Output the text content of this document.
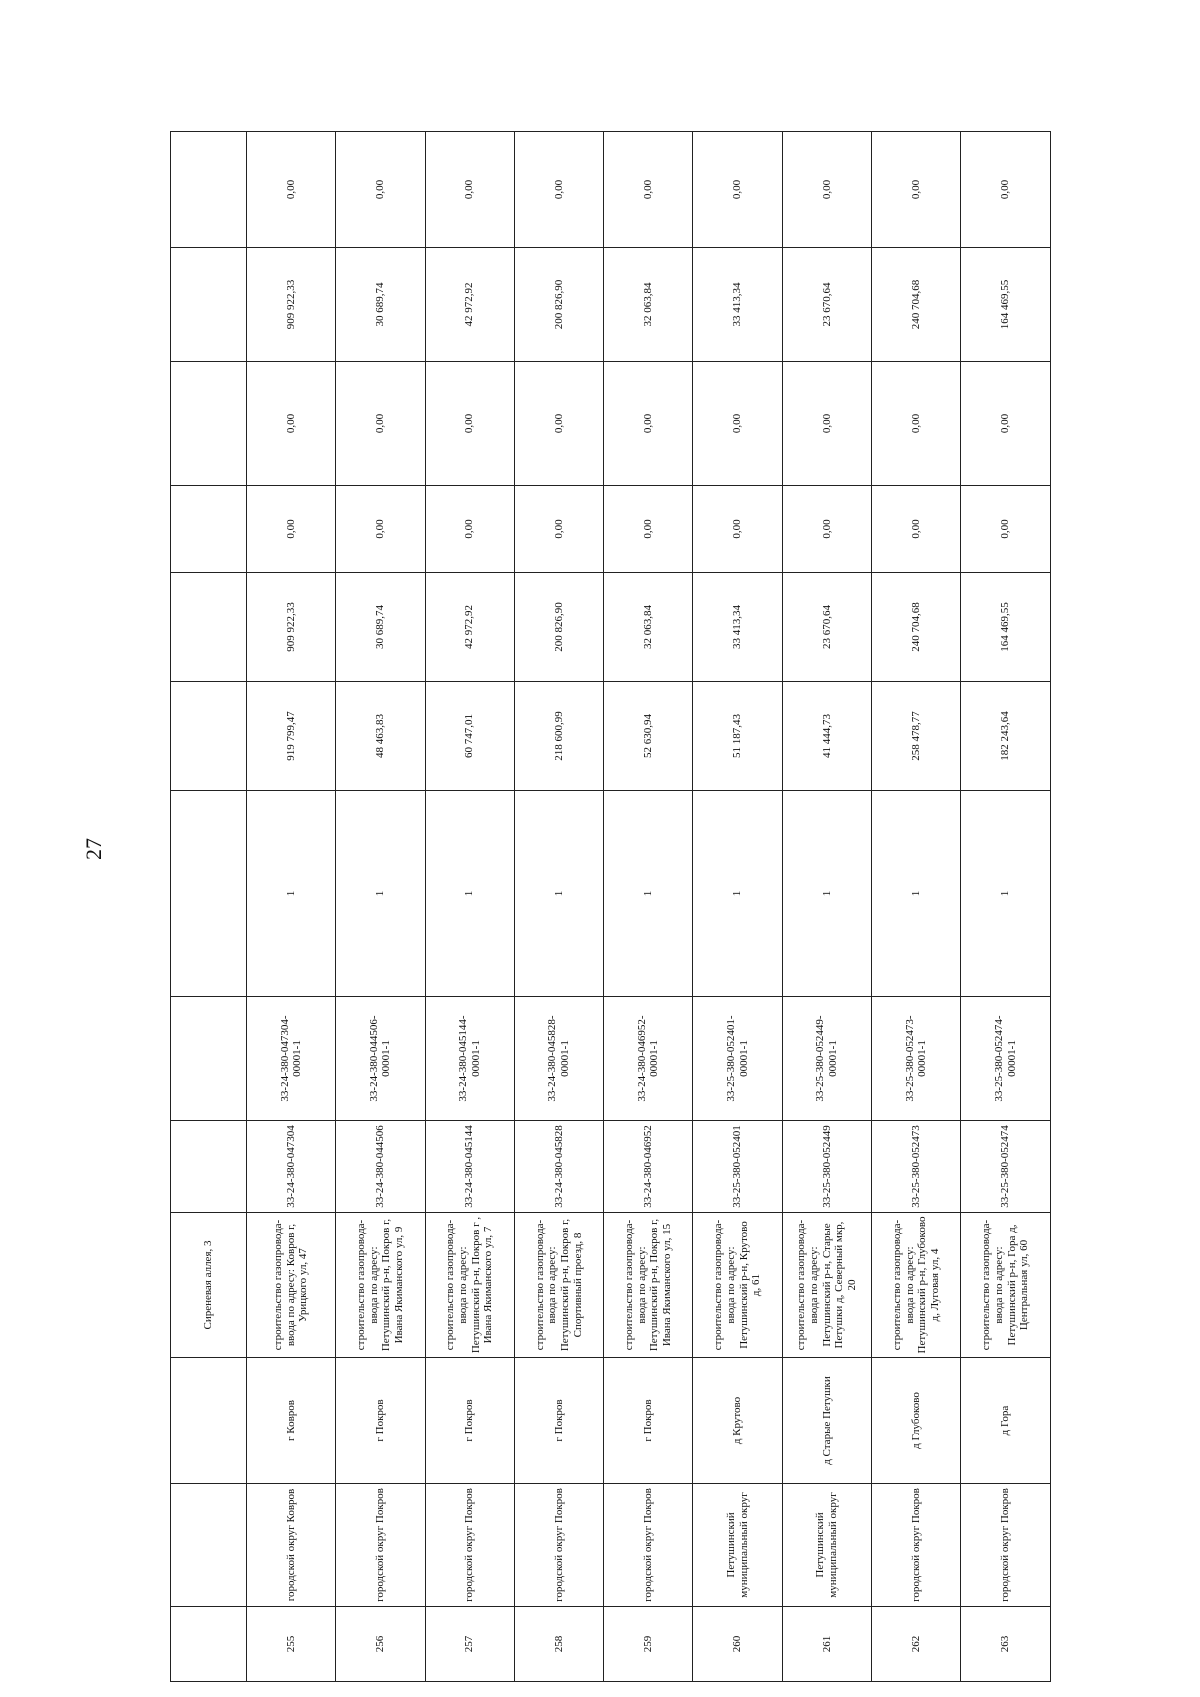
27
			Сиреневая аллея, 3									
255	городской округ Ковров	г Ковров	строительство газопровода-ввода по адресу: Ковров г, Урицкого ул, 47	33-24-380-047304	33-24-380-047304-00001-1	1	919 799,47	909 922,33	0,00	0,00	909 922,33	0,00
256	городской округ Покров	г Покров	строительство газопровода-ввода по адресу: Петушинский р-н, Покров г, Ивана Якиманского ул, 9	33-24-380-044506	33-24-380-044506-00001-1	1	48 463,83	30 689,74	0,00	0,00	30 689,74	0,00
257	городской округ Покров	г Покров	строительство газопровода-ввода по адресу: Петушинский р-н, Покров г , Ивана Якиманского ул, 7	33-24-380-045144	33-24-380-045144-00001-1	1	60 747,01	42 972,92	0,00	0,00	42 972,92	0,00
258	городской округ Покров	г Покров	строительство газопровода-ввода по адресу: Петушинский р-н, Покров г, Спортивный проезд, 8	33-24-380-045828	33-24-380-045828-00001-1	1	218 600,99	200 826,90	0,00	0,00	200 826,90	0,00
259	городской округ Покров	г Покров	строительство газопровода-ввода по адресу: Петушинский р-н, Покров г, Ивана Якиманского ул, 15	33-24-380-046952	33-24-380-046952-00001-1	1	52 630,94	32 063,84	0,00	0,00	32 063,84	0,00
260	Петушинский муниципальный округ	д Крутово	строительство газопровода-ввода по адресу: Петушинский р-н, Крутово д, 61	33-25-380-052401	33-25-380-052401-00001-1	1	51 187,43	33 413,34	0,00	0,00	33 413,34	0,00
261	Петушинский муниципальный округ	д Старые Петушки	строительство газопровода-ввода по адресу: Петушинский р-н, Старые Петушки д, Северный мкр, 20	33-25-380-052449	33-25-380-052449-00001-1	1	41 444,73	23 670,64	0,00	0,00	23 670,64	0,00
262	городской округ Покров	д Глубоково	строительство газопровода-ввода по адресу: Петушинский р-н, Глубоково д, Луговая ул, 4	33-25-380-052473	33-25-380-052473-00001-1	1	258 478,77	240 704,68	0,00	0,00	240 704,68	0,00
263	городской округ Покров	д Гора	строительство газопровода-ввода по адресу: Петушинский р-н, Гора д, Центральная ул, 60	33-25-380-052474	33-25-380-052474-00001-1	1	182 243,64	164 469,55	0,00	0,00	164 469,55	0,00
